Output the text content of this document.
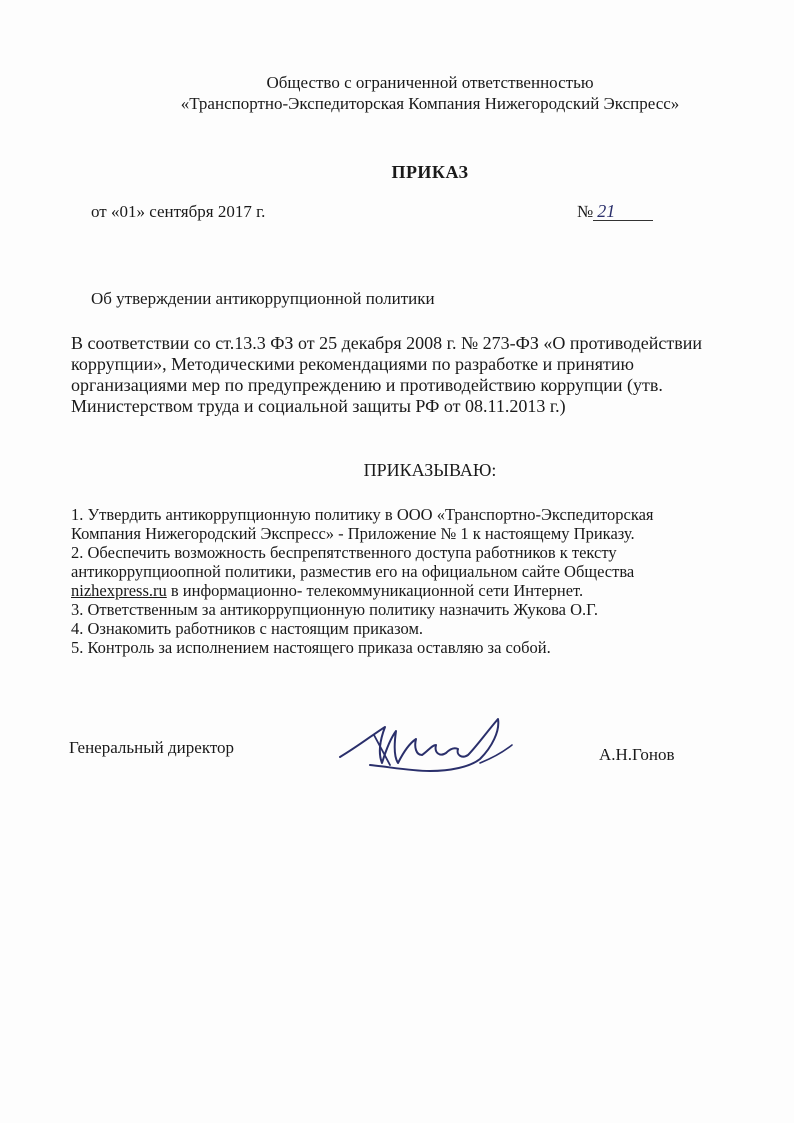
Общество с ограниченной ответственностью
«Транспортно-Экспедиторская Компания Нижегородский Экспресс»
ПРИКАЗ
от «01» сентября 2017 г.	№ 21
Об утверждении антикоррупционной политики
В соответствии со ст.13.3 ФЗ от 25 декабря 2008 г. № 273-ФЗ «О противодействии
коррупции», Методическими рекомендациями по разработке и принятию
организациями мер по предупреждению и противодействию коррупции (утв.
Министерством труда и социальной защиты РФ от 08.11.2013 г.)
ПРИКАЗЫВАЮ:
1. Утвердить антикоррупционную политику в ООО «Транспортно-Экспедиторская
Компания Нижегородский Экспресс» - Приложение № 1 к настоящему Приказу.
2. Обеспечить возможность беспрепятственного доступа работников к тексту
антикоррупциоопной политики, разместив его на официальном сайте Общества
nizhexpress.ru в информационно- телекоммуникационной сети Интернет.
3. Ответственным за антикоррупционную политику назначить Жукова О.Г.
4. Ознакомить работников с настоящим приказом.
5. Контроль за исполнением настоящего приказа оставляю за собой.
Генеральный директор	А.Н.Гонов
